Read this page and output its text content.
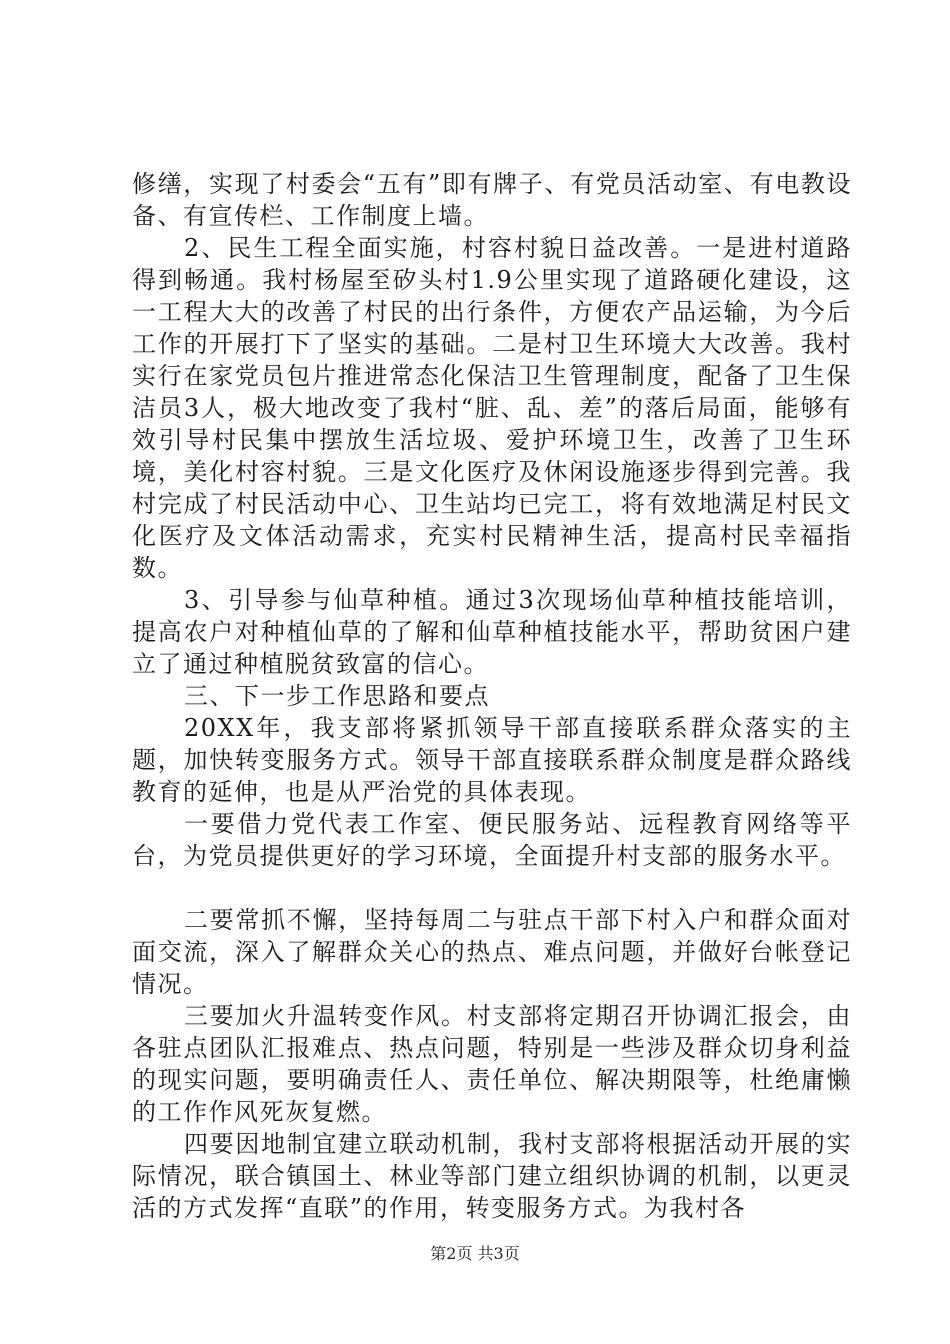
修缮，实现了村委会“五有”即有牌子、有党员活动室、有电教设备、有宣传栏、工作制度上墙。

2、民生工程全面实施，村容村貌日益改善。一是进村道路得到畅通。我村杨屋至矽头村1.9公里实现了道路硬化建设，这一工程大大的改善了村民的出行条件，方便农产品运输，为今后工作的开展打下了坚实的基础。二是村卫生环境大大改善。我村实行在家党员包片推进常态化保洁卫生管理制度，配备了卫生保洁员3人，极大地改变了我村“脏、乱、差”的落后局面，能够有效引导村民集中摆放生活垃圾、爱护环境卫生，改善了卫生环境，美化村容村貌。三是文化医疗及休闲设施逐步得到完善。我村完成了村民活动中心、卫生站均已完工，将有效地满足村民文化医疗及文体活动需求，充实村民精神生活，提高村民幸福指数。

3、引导参与仙草种植。通过3次现场仙草种植技能培训，提高农户对种植仙草的了解和仙草种植技能水平，帮助贫困户建立了通过种植脱贫致富的信心。

三、下一步工作思路和要点

20XX年，我支部将紧抓领导干部直接联系群众落实的主题，加快转变服务方式。领导干部直接联系群众制度是群众路线教育的延伸，也是从严治党的具体表现。

一要借力党代表工作室、便民服务站、远程教育网络等平台，为党员提供更好的学习环境，全面提升村支部的服务水平。

二要常抓不懈，坚持每周二与驻点干部下村入户和群众面对面交流，深入了解群众关心的热点、难点问题，并做好台帐登记情况。

三要加火升温转变作风。村支部将定期召开协调汇报会，由各驻点团队汇报难点、热点问题，特别是一些涉及群众切身利益的现实问题，要明确责任人、责任单位、解决期限等，杜绝庸懒的工作作风死灰复燃。

四要因地制宜建立联动机制，我村支部将根据活动开展的实际情况，联合镇国土、林业等部门建立组织协调的机制，以更灵活的方式发挥“直联”的作用，转变服务方式。为我村各

第2页 共3页
